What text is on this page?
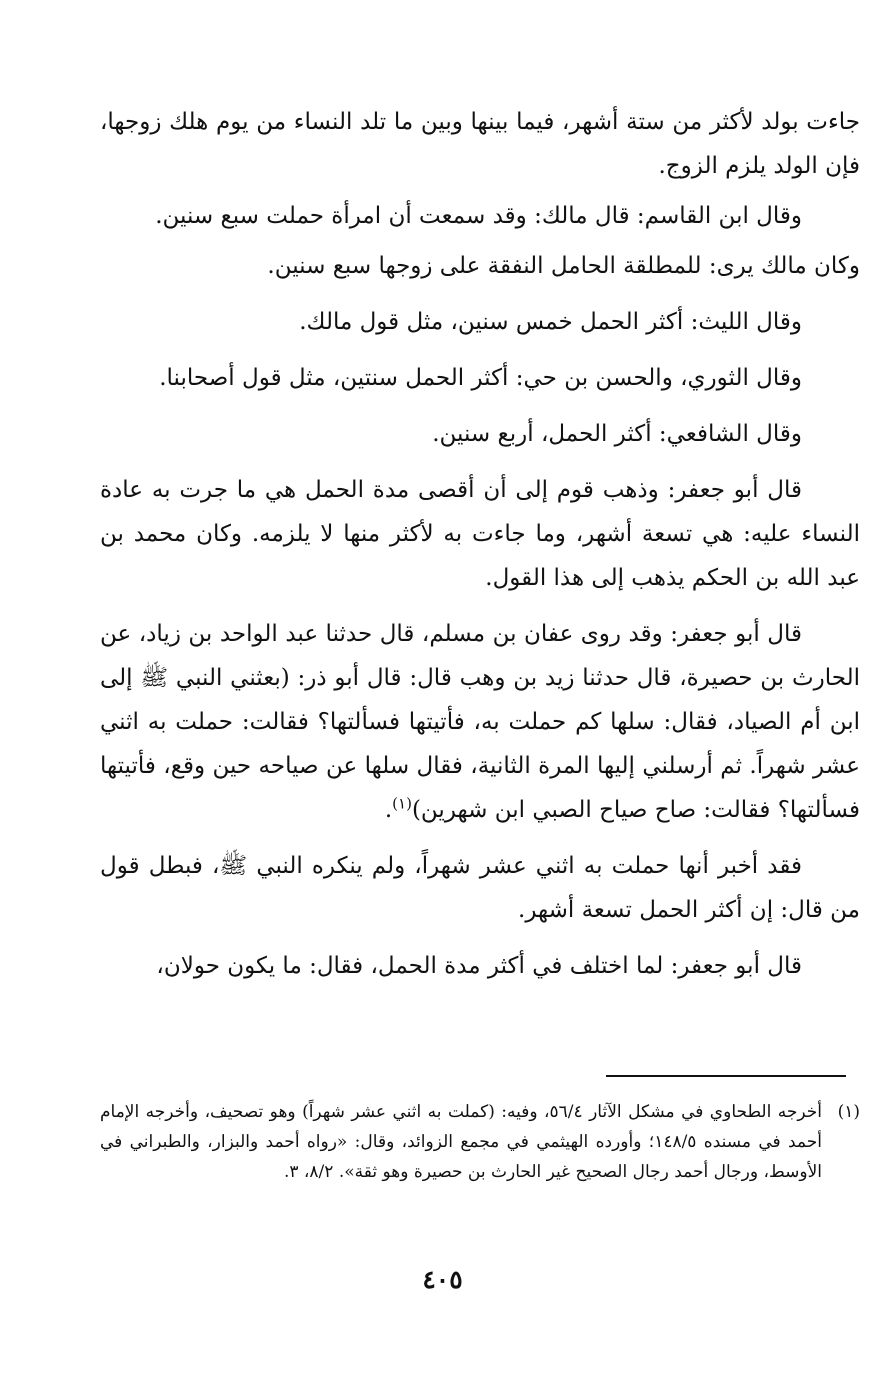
جاءت بولد لأكثر من ستة أشهر، فيما بينها وبين ما تلد النساء من يوم هلك زوجها، فإن الولد يلزم الزوج.

وقال ابن القاسم: قال مالك: وقد سمعت أن امرأة حملت سبع سنين.

وكان مالك يرى: للمطلقة الحامل النفقة على زوجها سبع سنين.

وقال الليث: أكثر الحمل خمس سنين، مثل قول مالك.

وقال الثوري، والحسن بن حي: أكثر الحمل سنتين، مثل قول أصحابنا.

وقال الشافعي: أكثر الحمل، أربع سنين.

قال أبو جعفر: وذهب قوم إلى أن أقصى مدة الحمل هي ما جرت به عادة النساء عليه: هي تسعة أشهر، وما جاءت به لأكثر منها لا يلزمه. وكان محمد بن عبد الله بن الحكم يذهب إلى هذا القول.

قال أبو جعفر: وقد روى عفان بن مسلم، قال حدثنا عبد الواحد بن زياد، عن الحارث بن حصيرة، قال حدثنا زيد بن وهب قال: قال أبو ذر: (بعثني النبي ﷺ إلى ابن أم الصياد، فقال: سلها كم حملت به، فأتيتها فسألتها؟ فقالت: حملت به اثني عشر شهراً. ثم أرسلني إليها المرة الثانية، فقال سلها عن صياحه حين وقع، فأتيتها فسألتها؟ فقالت: صاح صياح الصبي ابن شهرين)$^{(١)}$.

فقد أخبر أنها حملت به اثني عشر شهراً، ولم ينكره النبي ﷺ، فبطل قول من قال: إن أكثر الحمل تسعة أشهر.

قال أبو جعفر: لما اختلف في أكثر مدة الحمل، فقال: ما يكون حولان،

(١)
أخرجه الطحاوي في مشكل الآثار ٥٦/٤، وفيه: (كملت به اثني عشر شهراً) وهو تصحيف، وأخرجه الإمام أحمد في مسنده ١٤٨/٥؛ وأورده الهيثمي في مجمع الزوائد، وقال: «رواه أحمد والبزار، والطبراني في الأوسط، ورجال أحمد رجال الصحيح غير الحارث بن حصيرة وهو ثقة». ٨/٢، ٣.
٤٠٥
